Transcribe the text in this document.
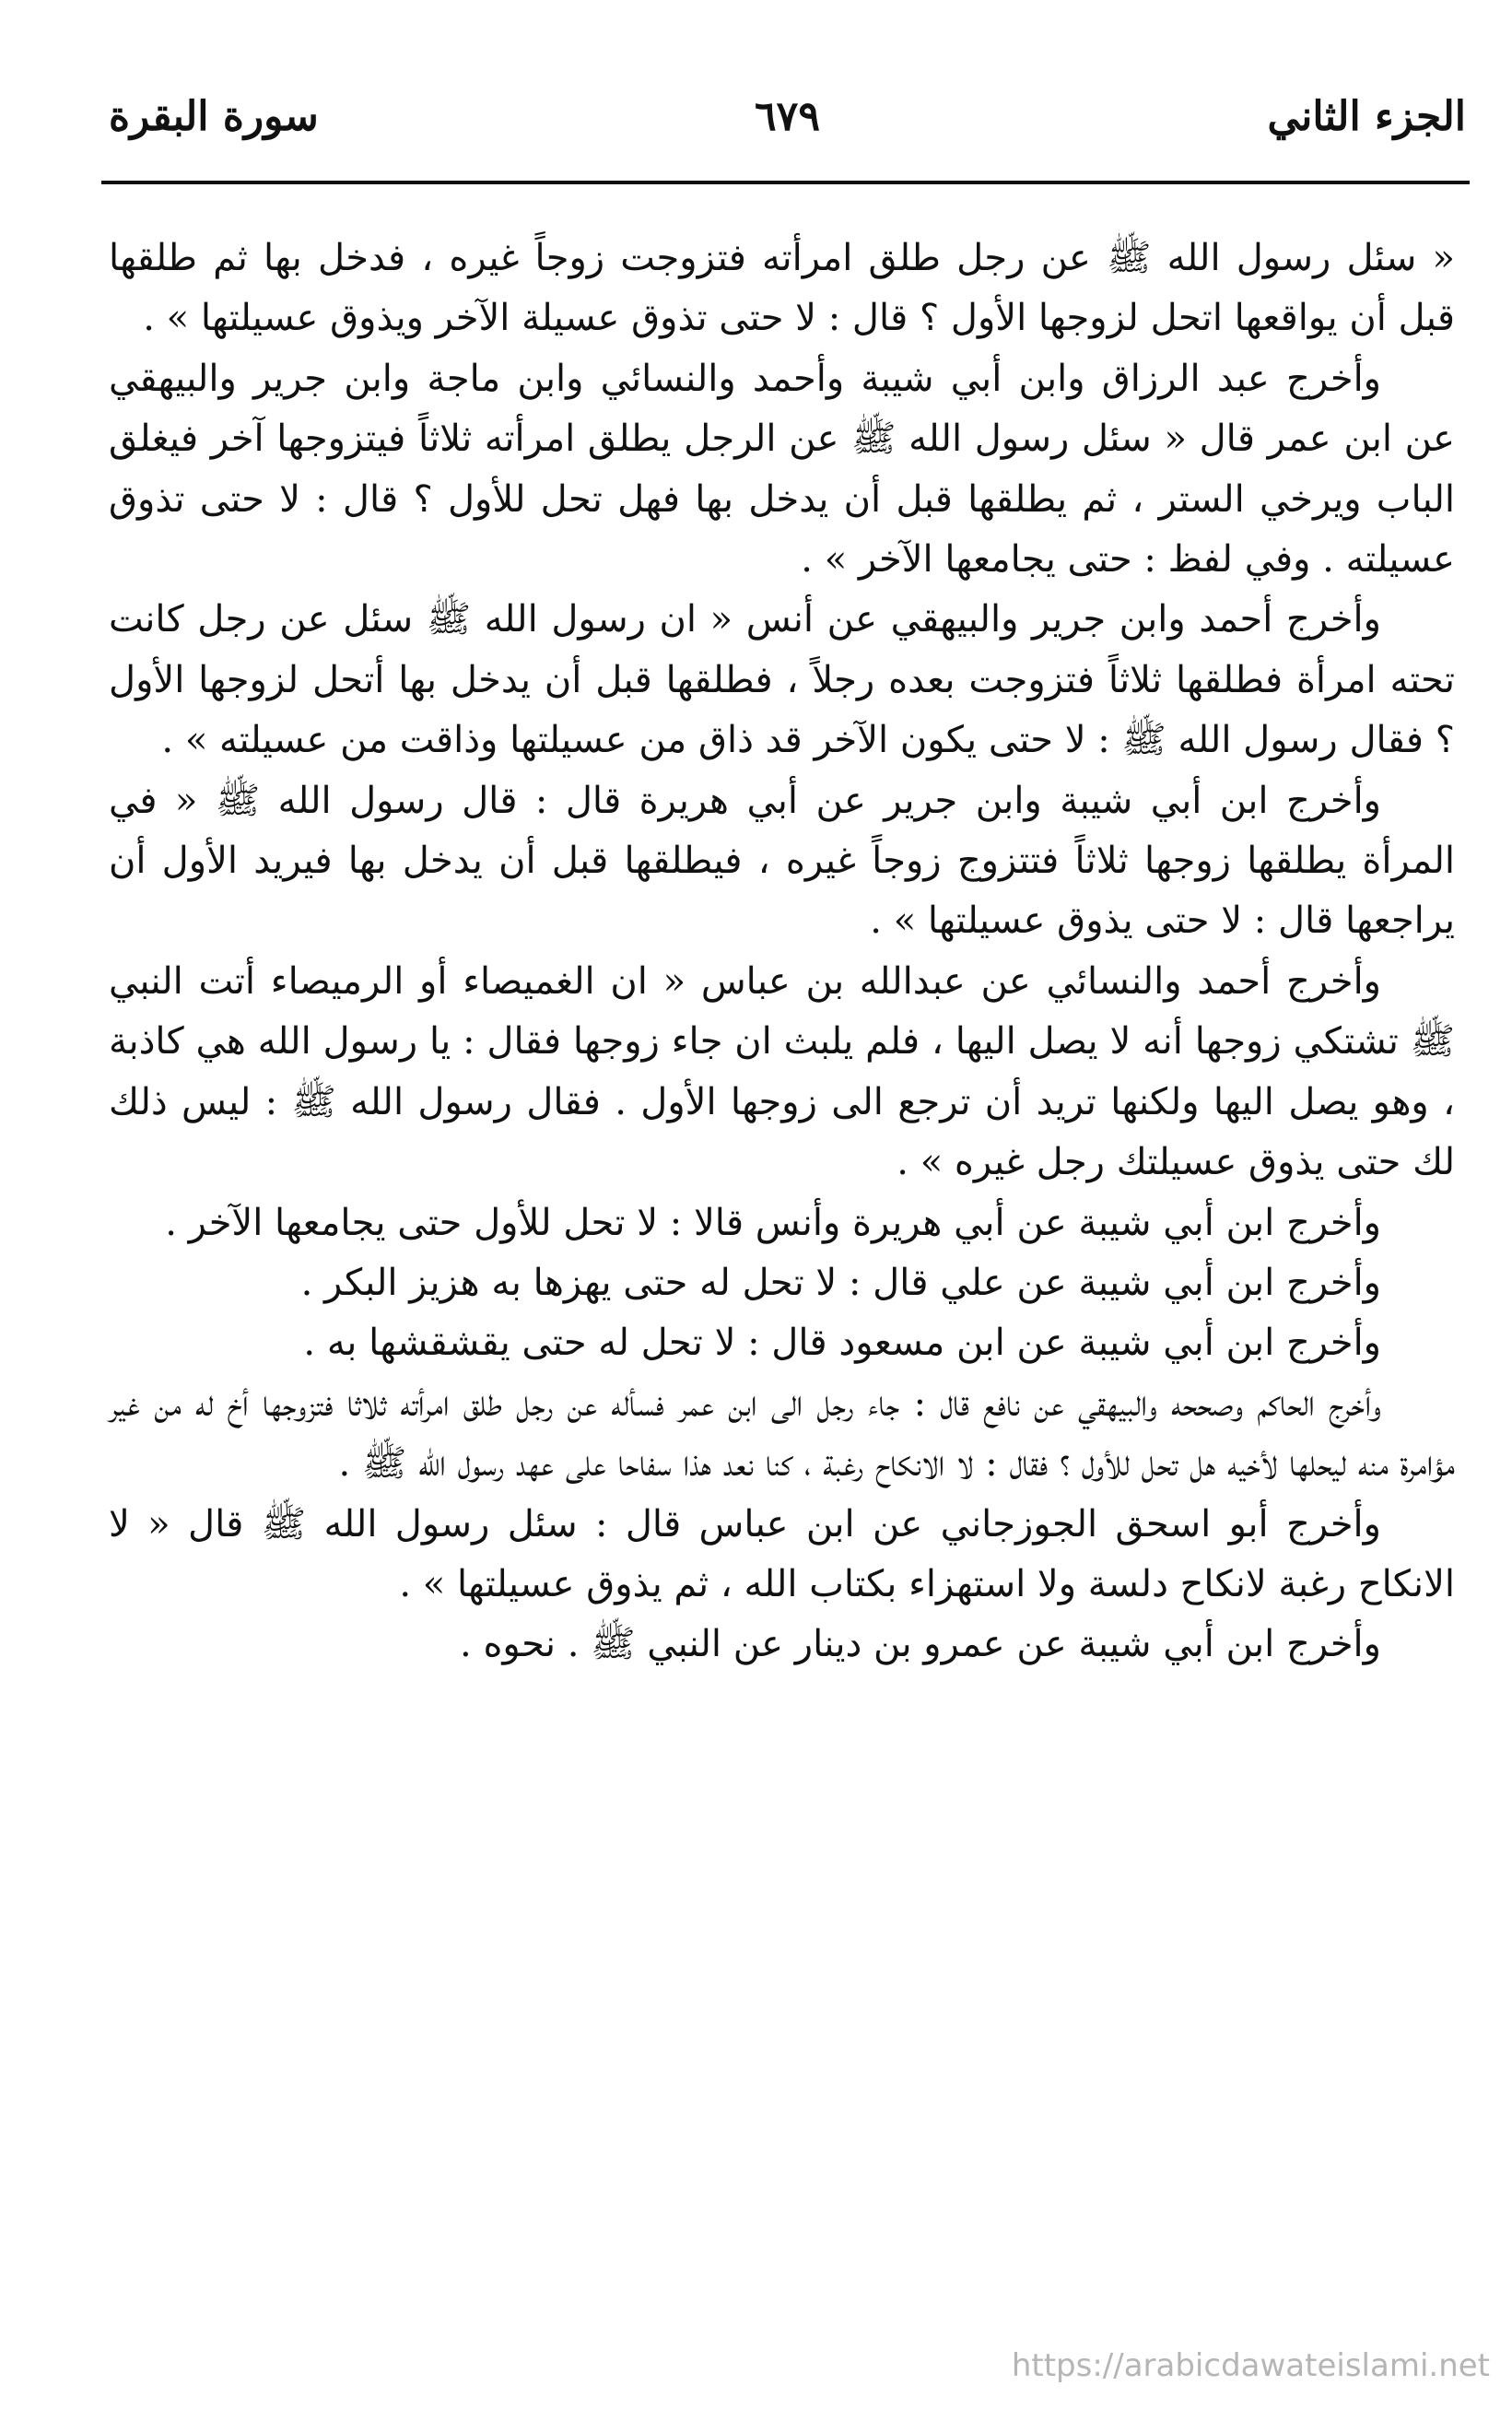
الجزء الثاني
٦٧٩
سورة البقرة

« سئل رسول الله ﷺ عن رجل طلق امرأته فتزوجت زوجاً غيره ، فدخل بها ثم طلقها قبل أن يواقعها اتحل لزوجها الأول ؟ قال : لا حتى تذوق عسيلة الآخر ويذوق عسيلتها » .

وأخرج عبد الرزاق وابن أبي شيبة وأحمد والنسائي وابن ماجة وابن جرير والبيهقي عن ابن عمر قال « سئل رسول الله ﷺ عن الرجل يطلق امرأته ثلاثاً فيتزوجها آخر فيغلق الباب ويرخي الستر ، ثم يطلقها قبل أن يدخل بها فهل تحل للأول ؟ قال : لا حتى تذوق عسيلته . وفي لفظ : حتى يجامعها الآخر » .

وأخرج أحمد وابن جرير والبيهقي عن أنس « ان رسول الله ﷺ سئل عن رجل كانت تحته امرأة فطلقها ثلاثاً فتزوجت بعده رجلاً ، فطلقها قبل أن يدخل بها أتحل لزوجها الأول ؟ فقال رسول الله ﷺ : لا حتى يكون الآخر قد ذاق من عسيلتها وذاقت من عسيلته » .

وأخرج ابن أبي شيبة وابن جرير عن أبي هريرة قال : قال رسول الله ﷺ « في المرأة يطلقها زوجها ثلاثاً فتتزوج زوجاً غيره ، فيطلقها قبل أن يدخل بها فيريد الأول أن يراجعها قال : لا حتى يذوق عسيلتها » .

وأخرج أحمد والنسائي عن عبدالله بن عباس « ان الغميصاء أو الرميصاء أتت النبي ﷺ تشتكي زوجها أنه لا يصل اليها ، فلم يلبث ان جاء زوجها فقال : يا رسول الله هي كاذبة ، وهو يصل اليها ولكنها تريد أن ترجع الى زوجها الأول . فقال رسول الله ﷺ : ليس ذلك لك حتى يذوق عسيلتك رجل غيره » .

وأخرج ابن أبي شيبة عن أبي هريرة وأنس قالا : لا تحل للأول حتى يجامعها الآخر .

وأخرج ابن أبي شيبة عن علي قال : لا تحل له حتى يهزها به هزيز البكر .

وأخرج ابن أبي شيبة عن ابن مسعود قال : لا تحل له حتى يقشقشها به .

وأخرج الحاكم وصححه والبيهقي عن نافع قال : جاء رجل الى ابن عمر فسأله عن رجل طلق امرأته ثلاثا فتزوجها أخ له من غير مؤامرة منه ليحلها لأخيه هل تحل للأول ؟ فقال : لا الانكاح رغبة ، كنا نعد هذا سفاحا على عهد رسول الله ﷺ .

وأخرج أبو اسحق الجوزجاني عن ابن عباس قال : سئل رسول الله ﷺ قال « لا الانكاح رغبة لانكاح دلسة ولا استهزاء بكتاب الله ، ثم يذوق عسيلتها » .

وأخرج ابن أبي شيبة عن عمرو بن دينار عن النبي ﷺ . نحوه .

https://arabicdawateislami.net
